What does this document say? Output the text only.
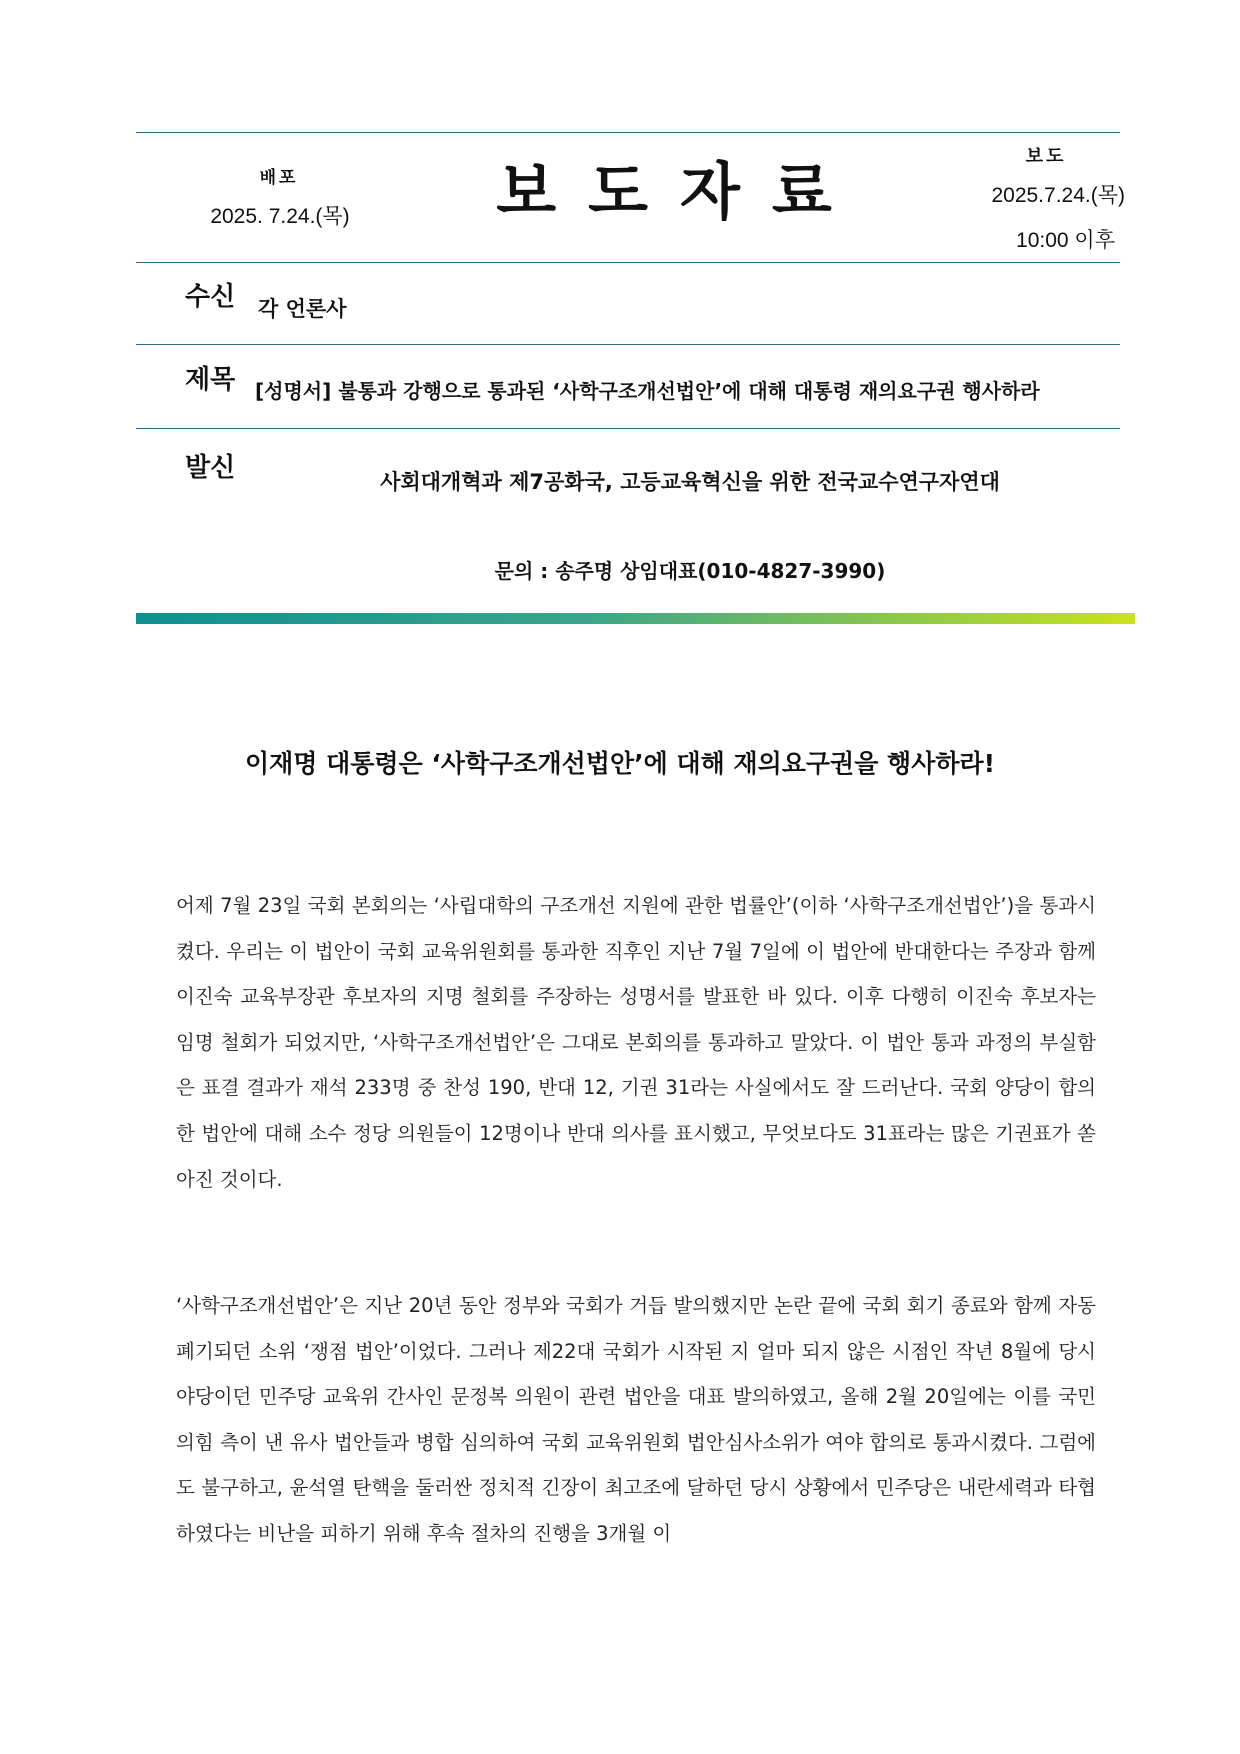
배포
2025. 7.24.(목) 보도자료	보도
2025.7.24.(목)
10:00 이후
수신 각 언론사
제목 [성명서] 불통과 강행으로 통과된 ‘사학구조개선법안’에 대해 대통령 재의요구권 행사하라
발신	사회대개혁과 제7공화국, 고등교육혁신을 위한 전국교수연구자연대
문의 : 송주명 상임대표(010-4827-3990)
이재명 대통령은 ‘사학구조개선법안’에 대해 재의요구권을 행사하라!

어제 7월 23일 국회 본회의는 ‘사립대학의 구조개선 지원에 관한 법률안’(이하 ‘사학구조개선법안’)을 통과시켰다. 우리는 이 법안이 국회 교육위원회를 통과한 직후인 지난 7월 7일에 이 법안에 반대한다는 주장과 함께 이진숙 교육부장관 후보자의 지명 철회를 주장하는 성명서를 발표한 바 있다. 이후 다행히 이진숙 후보자는 임명 철회가 되었지만, ‘사학구조개선법안’은 그대로 본회의를 통과하고 말았다. 이 법안 통과 과정의 부실함은 표결 결과가 재석 233명 중 찬성 190, 반대 12, 기권 31라는 사실에서도 잘 드러난다. 국회 양당이 합의한 법안에 대해 소수 정당 의원들이 12명이나 반대 의사를 표시했고, 무엇보다도 31표라는 많은 기권표가 쏟아진 것이다.

‘사학구조개선법안’은 지난 20년 동안 정부와 국회가 거듭 발의했지만 논란 끝에 국회 회기 종료와 함께 자동 폐기되던 소위 ‘쟁점 법안’이었다. 그러나 제22대 국회가 시작된 지 얼마 되지 않은 시점인 작년 8월에 당시 야당이던 민주당 교육위 간사인 문정복 의원이 관련 법안을 대표 발의하였고, 올해 2월 20일에는 이를 국민의힘 측이 낸 유사 법안들과 병합 심의하여 국회 교육위원회 법안심사소위가 여야 합의로 통과시켰다. 그럼에도 불구하고, 윤석열 탄핵을 둘러싼 정치적 긴장이 최고조에 달하던 당시 상황에서 민주당은 내란세력과 타협하였다는 비난을 피하기 위해 후속 절차의 진행을 3개월 이
